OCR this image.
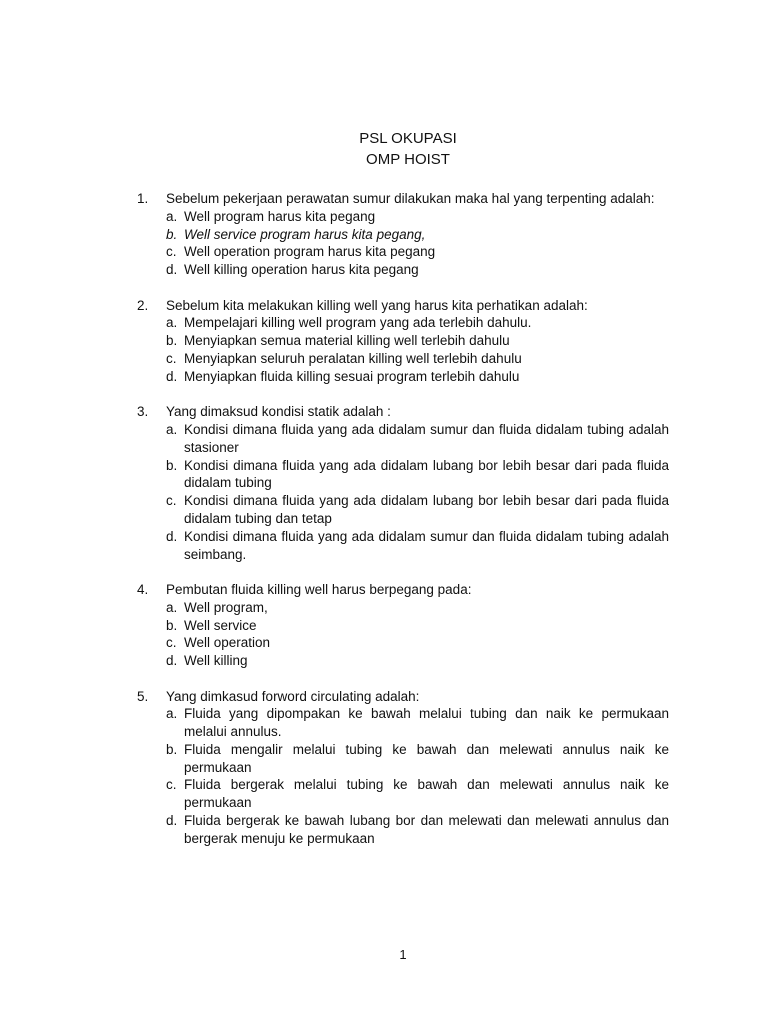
PSL OKUPASI
OMP HOIST
1.	Sebelum pekerjaan perawatan sumur dilakukan maka hal yang terpenting adalah:
a. Well program harus kita pegang
b. Well service program harus kita pegang,
c. Well operation program harus kita pegang
d. Well killing operation harus kita pegang
2.	Sebelum kita melakukan killing well yang harus kita perhatikan adalah:
a. Mempelajari killing well program yang ada terlebih dahulu.
b. Menyiapkan semua material killing well terlebih dahulu
c. Menyiapkan seluruh peralatan killing well terlebih dahulu
d. Menyiapkan fluida killing sesuai program terlebih dahulu
3.	Yang dimaksud kondisi statik adalah :
a. Kondisi dimana fluida yang ada didalam sumur dan fluida didalam tubing adalah stasioner
b. Kondisi dimana fluida yang ada didalam lubang bor lebih besar dari pada fluida didalam tubing
c. Kondisi dimana fluida yang ada didalam lubang bor lebih besar dari pada fluida didalam tubing dan tetap
d. Kondisi dimana fluida yang ada didalam sumur dan fluida didalam tubing adalah seimbang.
4.	Pembutan fluida killing well harus berpegang pada:
a. Well program,
b. Well service
c. Well operation
d. Well killing
5.	Yang dimkasud forword circulating adalah:
a. Fluida yang dipompakan ke bawah melalui tubing dan naik ke permukaan melalui annulus.
b. Fluida mengalir melalui tubing ke bawah dan melewati annulus naik ke permukaan
c. Fluida bergerak melalui tubing ke bawah dan melewati annulus naik ke permukaan
d. Fluida bergerak ke bawah lubang bor dan melewati dan melewati annulus dan bergerak menuju ke permukaan
1
